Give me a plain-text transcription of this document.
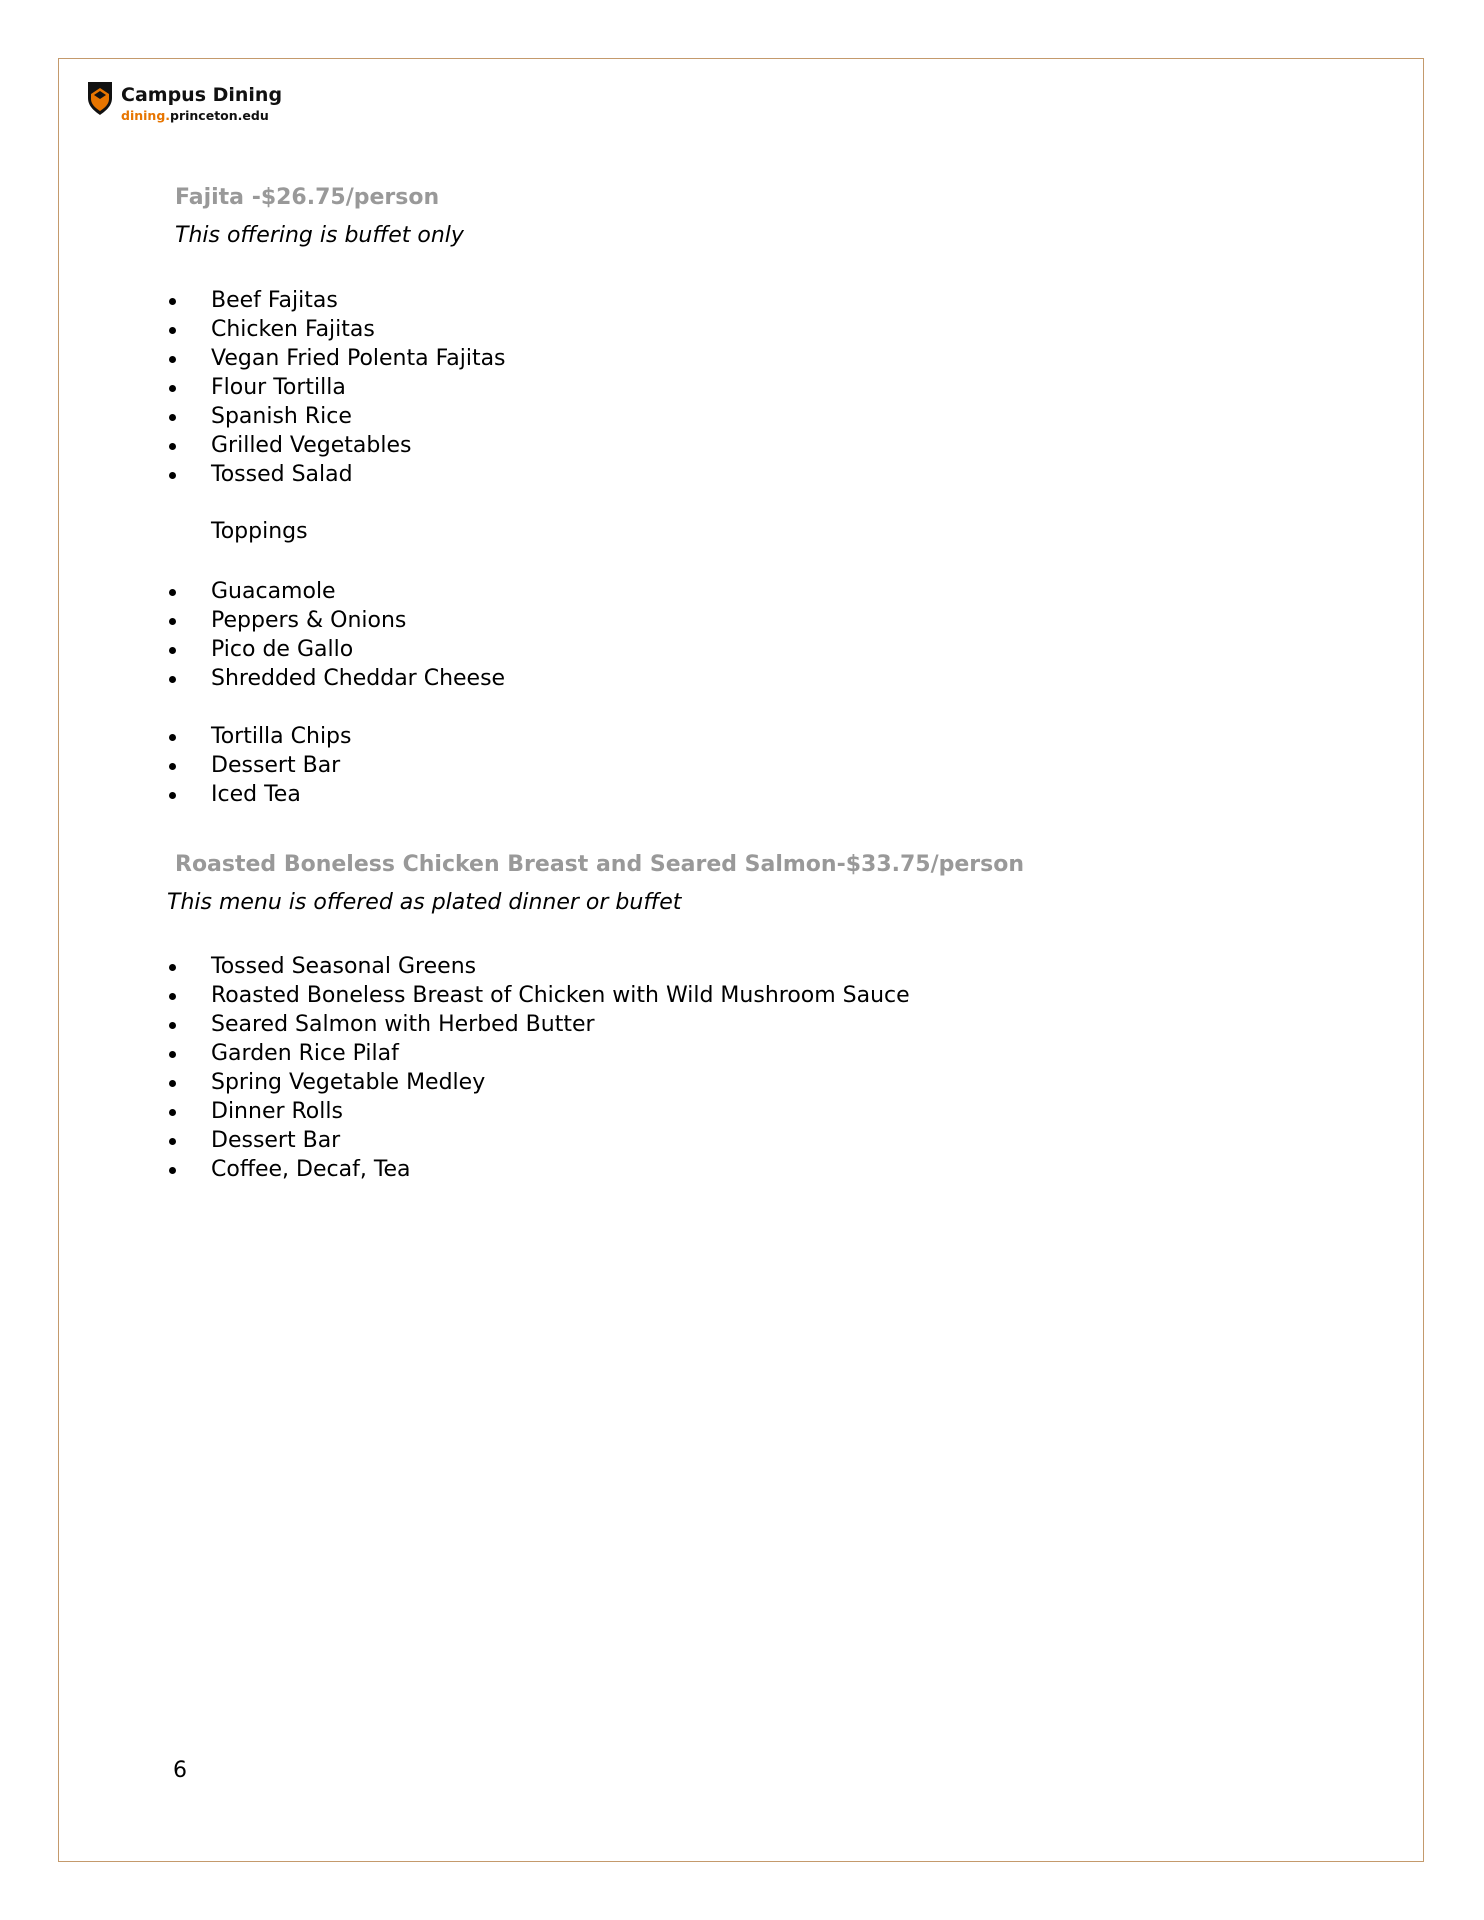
Campus Dining
dining.princeton.edu
Fajita -$26.75/person
This offering is buffet only
Beef Fajitas
Chicken Fajitas
Vegan Fried Polenta Fajitas
Flour Tortilla
Spanish Rice
Grilled Vegetables
Tossed Salad
Toppings
Guacamole
Peppers & Onions
Pico de Gallo
Shredded Cheddar Cheese
Tortilla Chips
Dessert Bar
Iced Tea
Roasted Boneless Chicken Breast and Seared Salmon-$33.75/person
This menu is offered as plated dinner or buffet
Tossed Seasonal Greens
Roasted Boneless Breast of Chicken with Wild Mushroom Sauce
Seared Salmon with Herbed Butter
Garden Rice Pilaf
Spring Vegetable Medley
Dinner Rolls
Dessert Bar
Coffee, Decaf, Tea
6
